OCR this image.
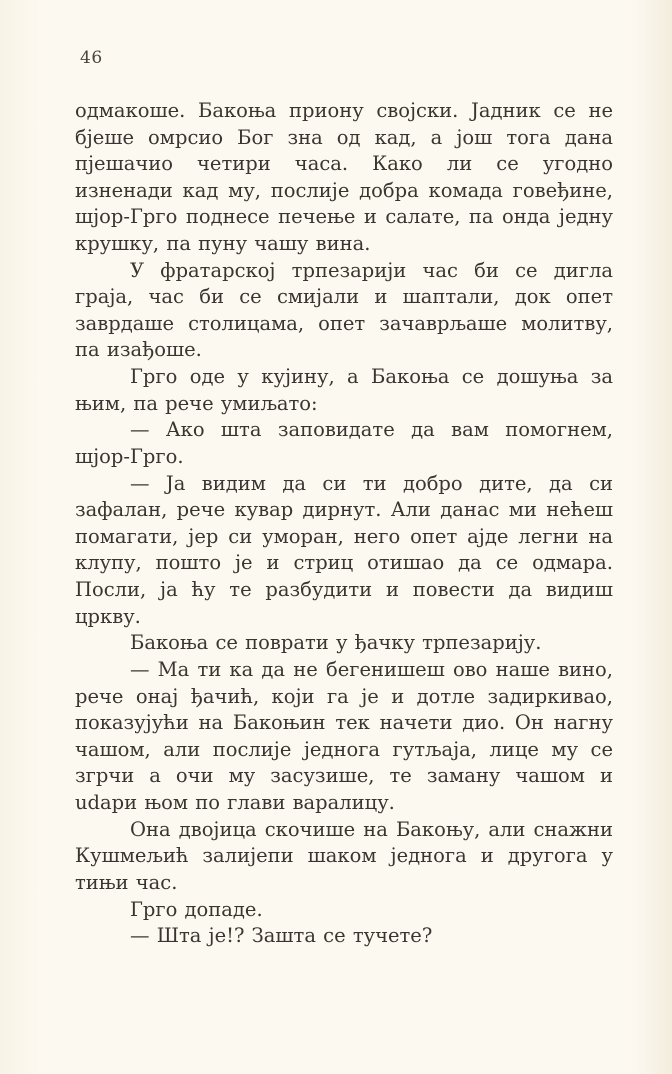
46

одмакоше. Бакоња приону својски. Јадник се не бјеше омрсио Бог зна од кад, а још тога дана пјешачио четири часа. Како ли се угодно изненади кад му, послије добра комада говеђине, шјор-Грго поднесе печење и салате, па онда једну крушку, па пуну чашу вина.

У фратарској трпезарији час би се дигла граја, час би се смијали и шаптали, док опет заврдаше столицама, опет зачаврљаше молитву, па изађоше.

Грго оде у кујину, а Бакоња се дошуња за њим, па рече умиљато:

— Ако шта заповидате да вам помогнем, шјор-Грго.

— Ја видим да си ти добро дите, да си зафалан, рече кувар дирнут. Али данас ми нећеш помагати, јер си уморан, него опет ајде легни на клупу, пошто је и стриц отишао да се одмара. Посли, ја ћу те разбудити и повести да видиш цркву.

Бакоња се поврати у ђачку трпезарију.

— Ма ти ка да не бегенишеш ово наше вино, рече онај ђачић, који га је и дотле задиркивао, показујући на Бакоњин тек начети дио. Он нагну чашом, али послије једнога гутљаја, лице му се згрчи а очи му засузише, те заману чашом и udари њом по глави варалицу.

Она двојица скочише на Бакоњу, али снажни Кушмељић залијепи шаком једнога и другога у тињи час.

Грго допаде.

— Шта је!? Зашта се тучете?
